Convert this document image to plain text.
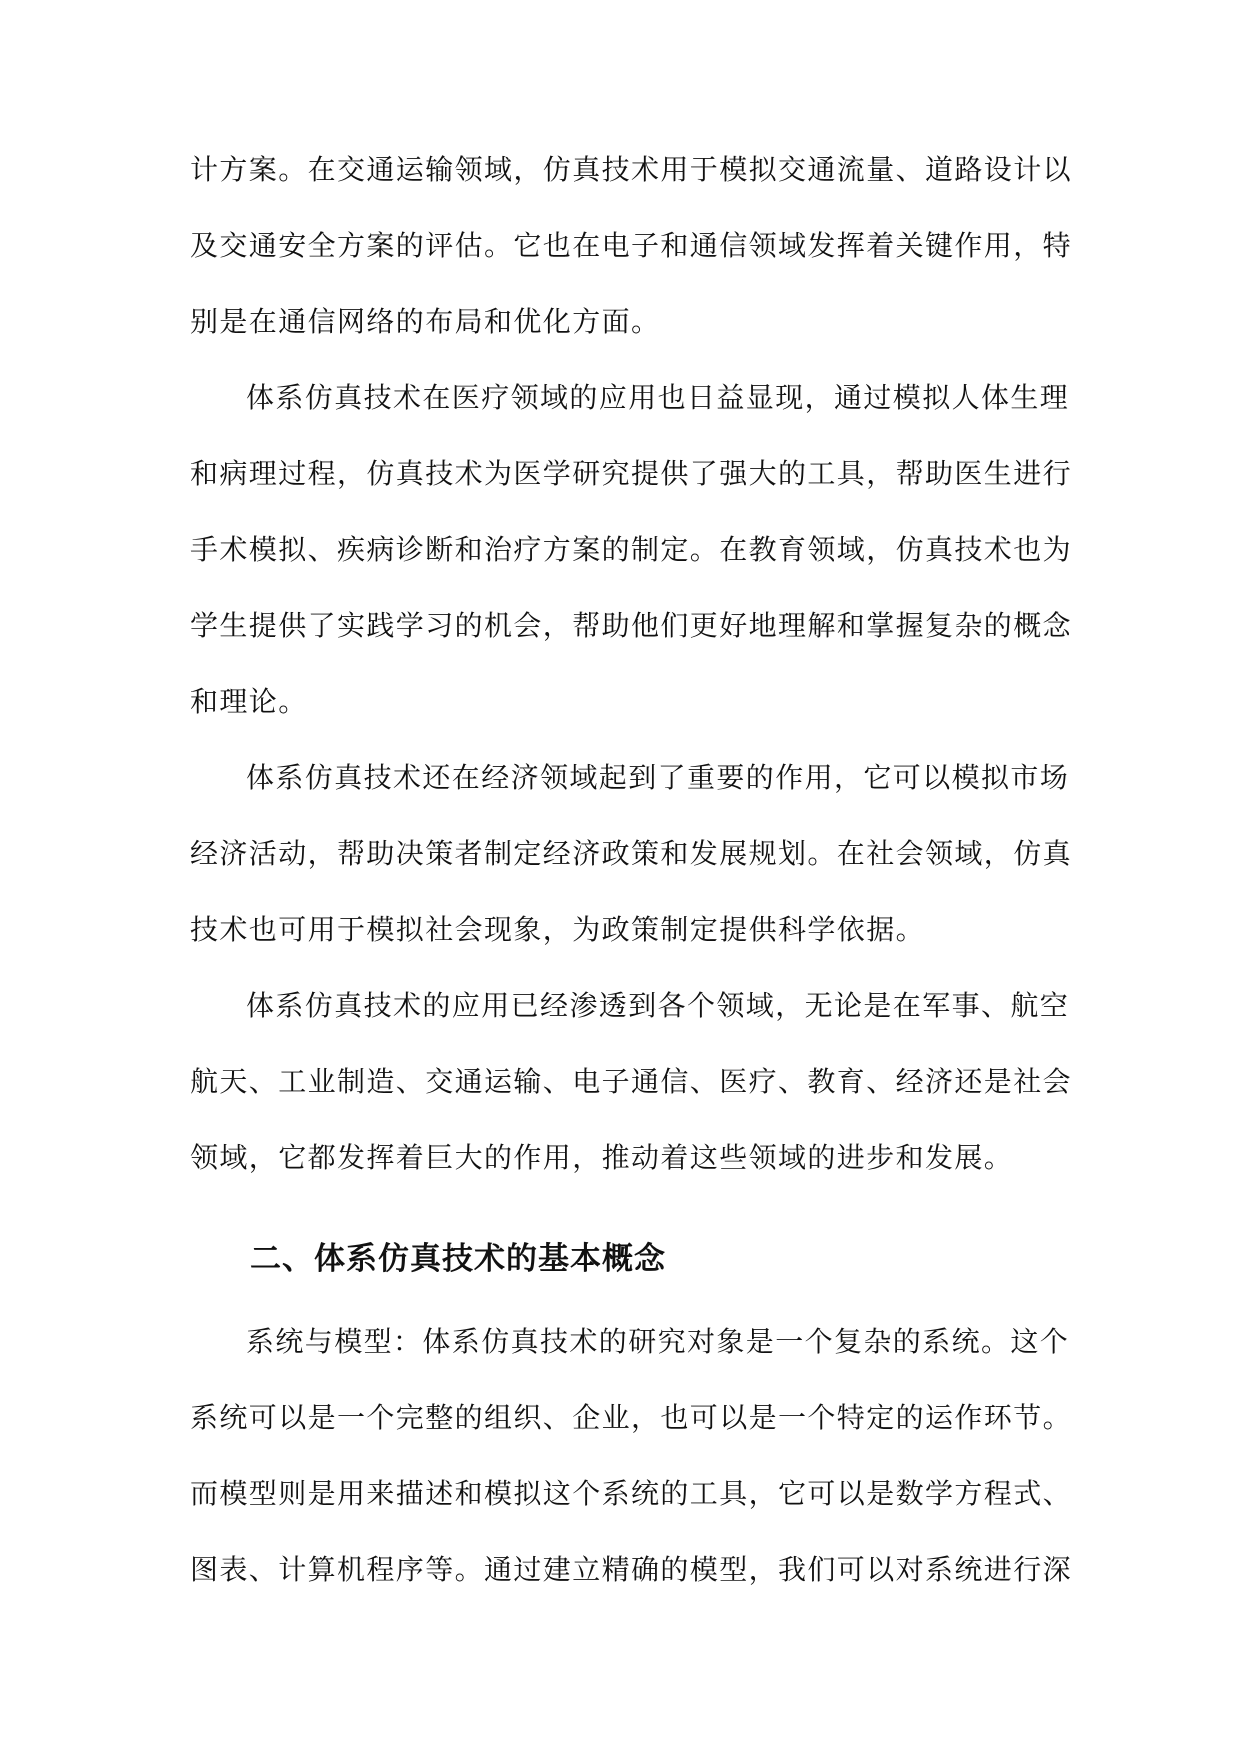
计方案。在交通运输领域，仿真技术用于模拟交通流量、道路设计以
及交通安全方案的评估。它也在电子和通信领域发挥着关键作用，特
别是在通信网络的布局和优化方面。
体系仿真技术在医疗领域的应用也日益显现，通过模拟人体生理
和病理过程，仿真技术为医学研究提供了强大的工具，帮助医生进行
手术模拟、疾病诊断和治疗方案的制定。在教育领域，仿真技术也为
学生提供了实践学习的机会，帮助他们更好地理解和掌握复杂的概念
和理论。
体系仿真技术还在经济领域起到了重要的作用，它可以模拟市场
经济活动，帮助决策者制定经济政策和发展规划。在社会领域，仿真
技术也可用于模拟社会现象，为政策制定提供科学依据。
体系仿真技术的应用已经渗透到各个领域，无论是在军事、航空
航天、工业制造、交通运输、电子通信、医疗、教育、经济还是社会
领域，它都发挥着巨大的作用，推动着这些领域的进步和发展。
二、体系仿真技术的基本概念
系统与模型：体系仿真技术的研究对象是一个复杂的系统。这个
系统可以是一个完整的组织、企业，也可以是一个特定的运作环节。
而模型则是用来描述和模拟这个系统的工具，它可以是数学方程式、
图表、计算机程序等。通过建立精确的模型，我们可以对系统进行深
